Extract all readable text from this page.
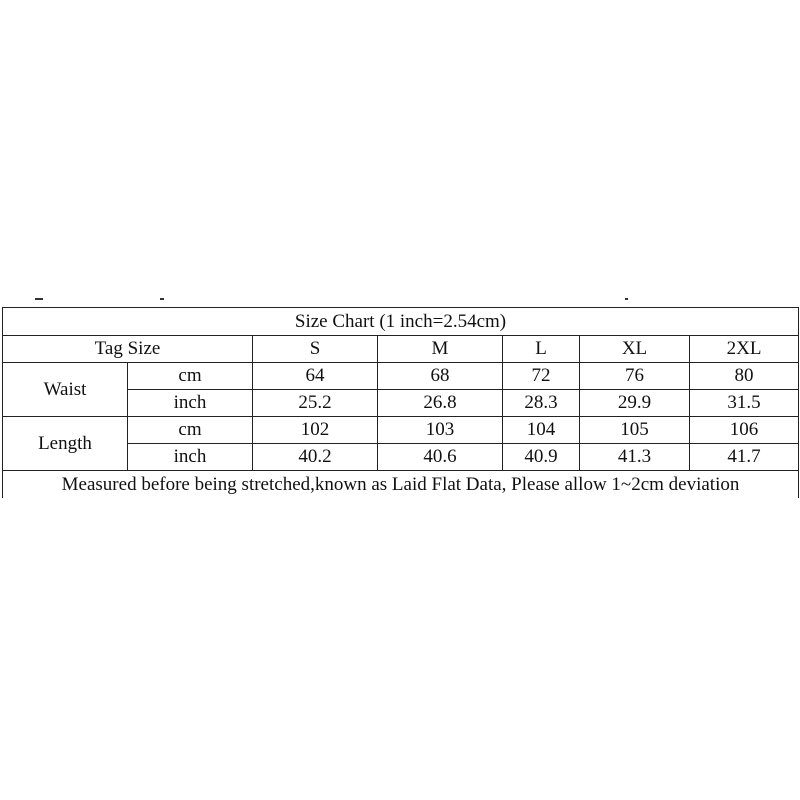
Size Chart (1 inch=2.54cm)						
Tag Size		S	M	L	XL	2XL
Waist	cm	64	68	72	76	80
	inch	25.2	26.8	28.3	29.9	31.5
Length	cm	102	103	104	105	106
	inch	40.2	40.6	40.9	41.3	41.7
Measured before being stretched,known as Laid Flat Data, Please allow 1~2cm deviation						
